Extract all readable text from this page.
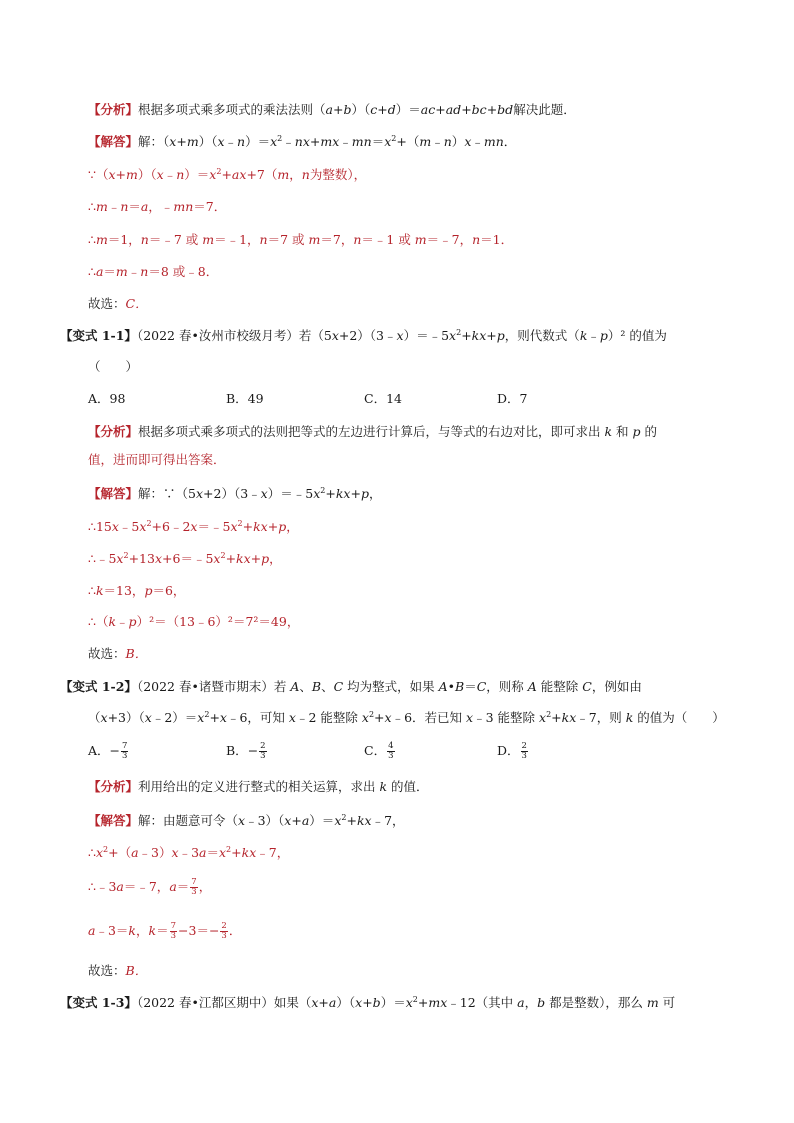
【分析】根据多项式乘多项式的乘法法则（a+b）（c+d）＝ac+ad+bc+bd解决此题．
【解答】解：$(x+m)(x﹣n)=x^2﹣nx+mx﹣mn=x^2+(m﹣n)x﹣mn$．
$\because(x+m)(x﹣n)=x^2+ax+7(m$，n为整数），
∴m﹣n＝a，﹣mn＝7．
∴m＝1，n＝﹣7 或 m＝﹣1，n＝7 或 m＝7，n＝﹣1 或 m＝﹣7，n＝1．
∴a＝m﹣n＝8 或﹣8．
故选：C．
【变式 1-1】（2022 春•汝州市校级月考）若$(5x+2)(3﹣x)=﹣5x^2+kx+p$，则代数式（k﹣p）² 的值为
（　　）
A．98	B．49	C．14	D．7
【分析】根据多项式乘多项式的法则把等式的左边进行计算后，与等式的右边对比，即可求出 k 和 p 的
值，进而即可得出答案．
【解答】解：$\because(5x+2)(3﹣x)=﹣5x^2+kx+p$，
$\therefore 15x﹣5x^2+6﹣2x=﹣5x^2+kx+p$，
$\therefore﹣5x^2+13x+6=﹣5x^2+kx+p$，
∴k＝13，p＝6，
∴（k﹣p）²＝（13﹣6）²＝7²＝49，
故选：B．
【变式 1-2】（2022 春•诸暨市期末）若 A、B、C 均为整式，如果 A•B＝C，则称 A 能整除 C，例如由
$(x+3)(x﹣2)=x^2+x﹣6$，可知 x﹣2 能整除 $x^2+x﹣6$．若已知 x﹣3 能整除 $x^2+kx﹣7$，则 k 的值为（　　）
A．− $\frac{7}{3}$	B．− $\frac{2}{3}$	C． $\frac{4}{3}$	D． $\frac{2}{3}$
【分析】利用给出的定义进行整式的相关运算，求出 k 的值．
【解答】解：由题意可令$(x﹣3)(x+a)=x^2+kx﹣7$，
$\therefore x^2+(a﹣3)x﹣3a=x^2+kx﹣7$，
∴﹣3a＝﹣7，$a= \frac{7}{3}$ ，
a﹣3＝k，$k= \frac{7}{3} -3=- \frac{2}{3}$ ．
故选：B．
【变式 1-3】（2022 春•江都区期中）如果$(x+a)(x+b)=x^2+mx﹣12$（其中 a，b 都是整数），那么 m 可
